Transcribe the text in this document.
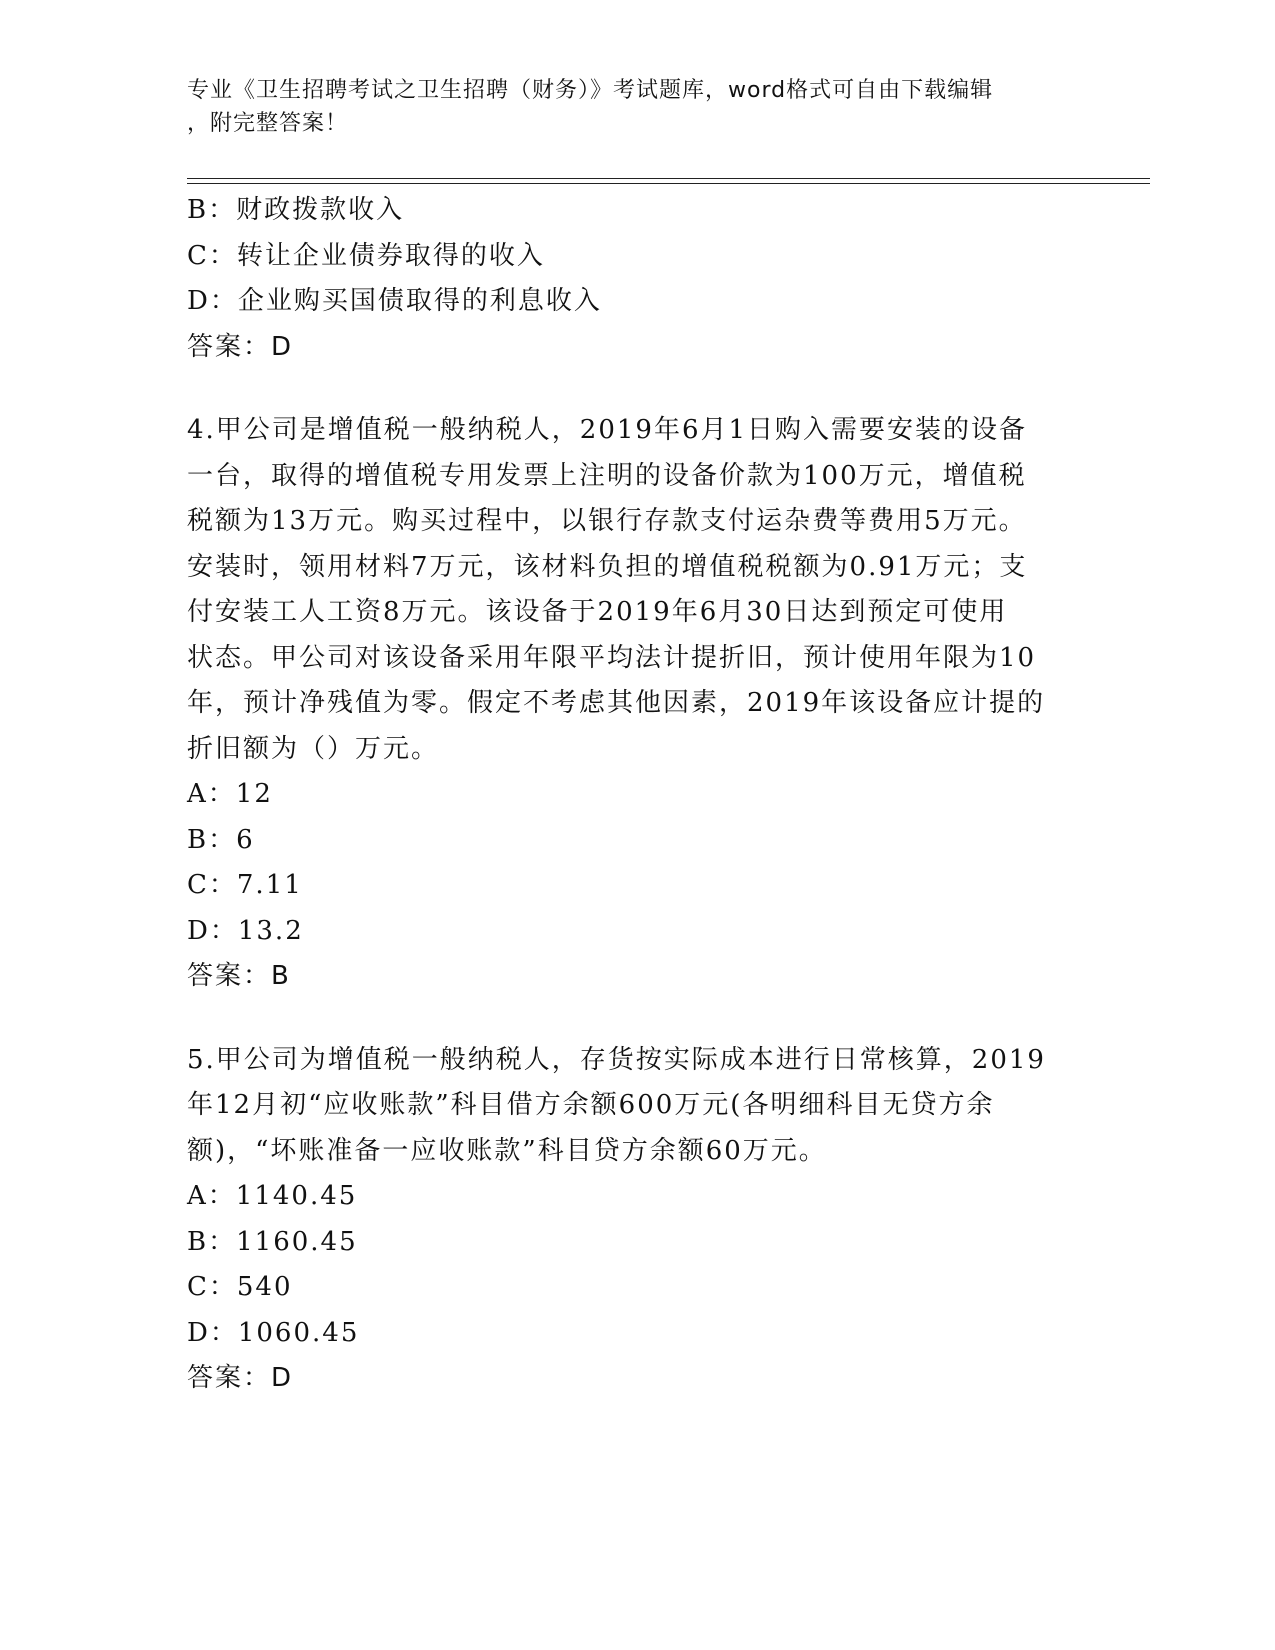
专业《卫生招聘考试之卫生招聘（财务）》考试题库，word格式可自由下载编辑
，附完整答案！
B：财政拨款收入
C：转让企业债券取得的收入
D：企业购买国债取得的利息收入
答案：D
4.甲公司是增值税一般纳税人，2019年6月1日购入需要安装的设备
一台，取得的增值税专用发票上注明的设备价款为100万元，增值税
税额为13万元。购买过程中，以银行存款支付运杂费等费用5万元。
安装时，领用材料7万元，该材料负担的增值税税额为0.91万元；支
付安装工人工资8万元。该设备于2019年6月30日达到预定可使用
状态。甲公司对该设备采用年限平均法计提折旧，预计使用年限为10
年，预计净残值为零。假定不考虑其他因素，2019年该设备应计提的
折旧额为（）万元。
A：12
B：6
C：7.11
D：13.2
答案：B
5.甲公司为增值税一般纳税人，存货按实际成本进行日常核算，2019
年12月初“应收账款”科目借方余额600万元(各明细科目无贷方余
额)，“坏账准备一应收账款”科目贷方余额60万元。
A：1140.45
B：1160.45
C：540
D：1060.45
答案：D
